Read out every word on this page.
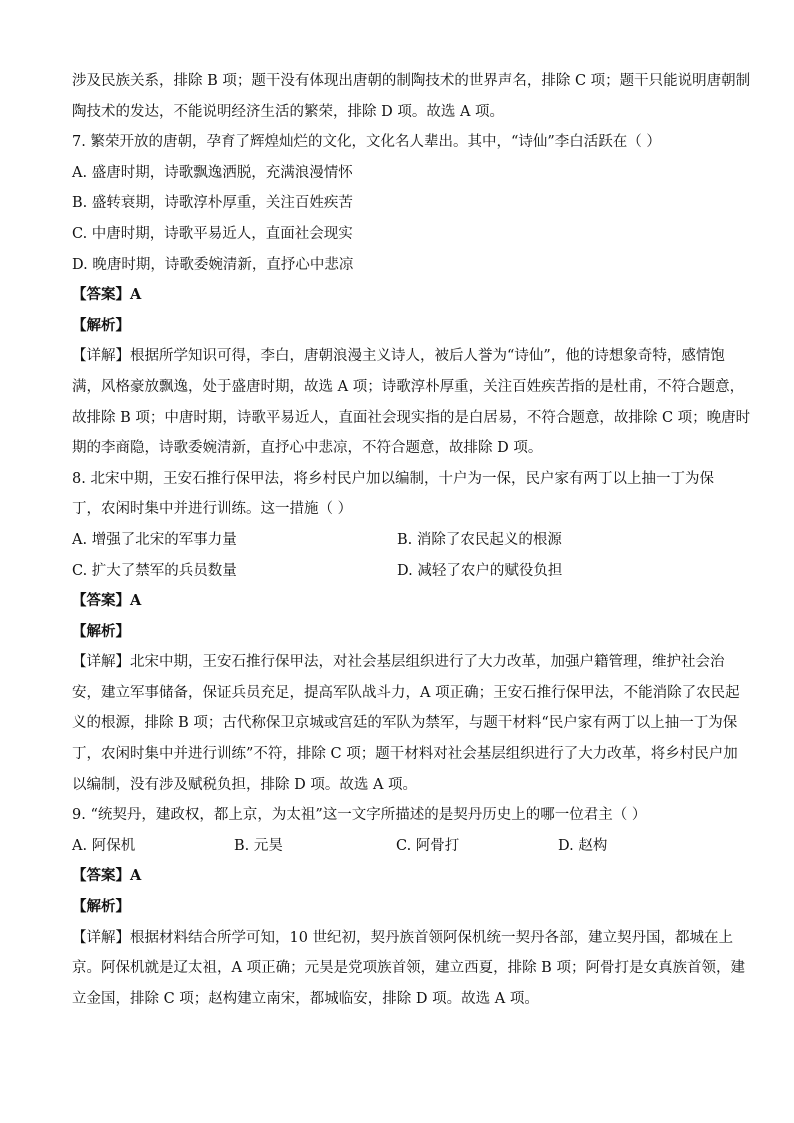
涉及民族关系，排除 B 项；题干没有体现出唐朝的制陶技术的世界声名，排除 C 项；题干只能说明唐朝制

陶技术的发达，不能说明经济生活的繁荣，排除 D 项。故选 A 项。

7. 繁荣开放的唐朝，孕育了辉煌灿烂的文化，文化名人辈出。其中，“诗仙”李白活跃在（ ）

A. 盛唐时期，诗歌飘逸洒脱，充满浪漫情怀

B. 盛转衰期，诗歌淳朴厚重，关注百姓疾苦

C. 中唐时期，诗歌平易近人，直面社会现实

D. 晚唐时期，诗歌委婉清新，直抒心中悲凉

【答案】A

【解析】

【详解】根据所学知识可得，李白，唐朝浪漫主义诗人，被后人誉为“诗仙”，他的诗想象奇特，感情饱

满，风格豪放飘逸，处于盛唐时期，故选 A 项；诗歌淳朴厚重，关注百姓疾苦指的是杜甫，不符合题意，

故排除 B 项；中唐时期，诗歌平易近人，直面社会现实指的是白居易，不符合题意，故排除 C 项；晚唐时

期的李商隐，诗歌委婉清新，直抒心中悲凉，不符合题意，故排除 D 项。

8. 北宋中期，王安石推行保甲法，将乡村民户加以编制，十户为一保，民户家有两丁以上抽一丁为保

丁，农闲时集中并进行训练。这一措施（ ）

A. 增强了北宋的军事力量	B. 消除了农民起义的根源
C. 扩大了禁军的兵员数量	D. 减轻了农户的赋役负担

【答案】A

【解析】

【详解】北宋中期，王安石推行保甲法，对社会基层组织进行了大力改革，加强户籍管理，维护社会治

安，建立军事储备，保证兵员充足，提高军队战斗力，A 项正确；王安石推行保甲法，不能消除了农民起

义的根源，排除 B 项；古代称保卫京城或宫廷的军队为禁军，与题干材料“民户家有两丁以上抽一丁为保

丁，农闲时集中并进行训练”不符，排除 C 项；题干材料对社会基层组织进行了大力改革，将乡村民户加

以编制，没有涉及赋税负担，排除 D 项。故选 A 项。

9. “统契丹，建政权，都上京，为太祖”这一文字所描述的是契丹历史上的哪一位君主（ ）

A. 阿保机	B. 元昊	C. 阿骨打	D. 赵构

【答案】A

【解析】

【详解】根据材料结合所学可知，10 世纪初，契丹族首领阿保机统一契丹各部，建立契丹国，都城在上

京。阿保机就是辽太祖，A 项正确；元昊是党项族首领，建立西夏，排除 B 项；阿骨打是女真族首领，建

立金国，排除 C 项；赵构建立南宋，都城临安，排除 D 项。故选 A 项。
